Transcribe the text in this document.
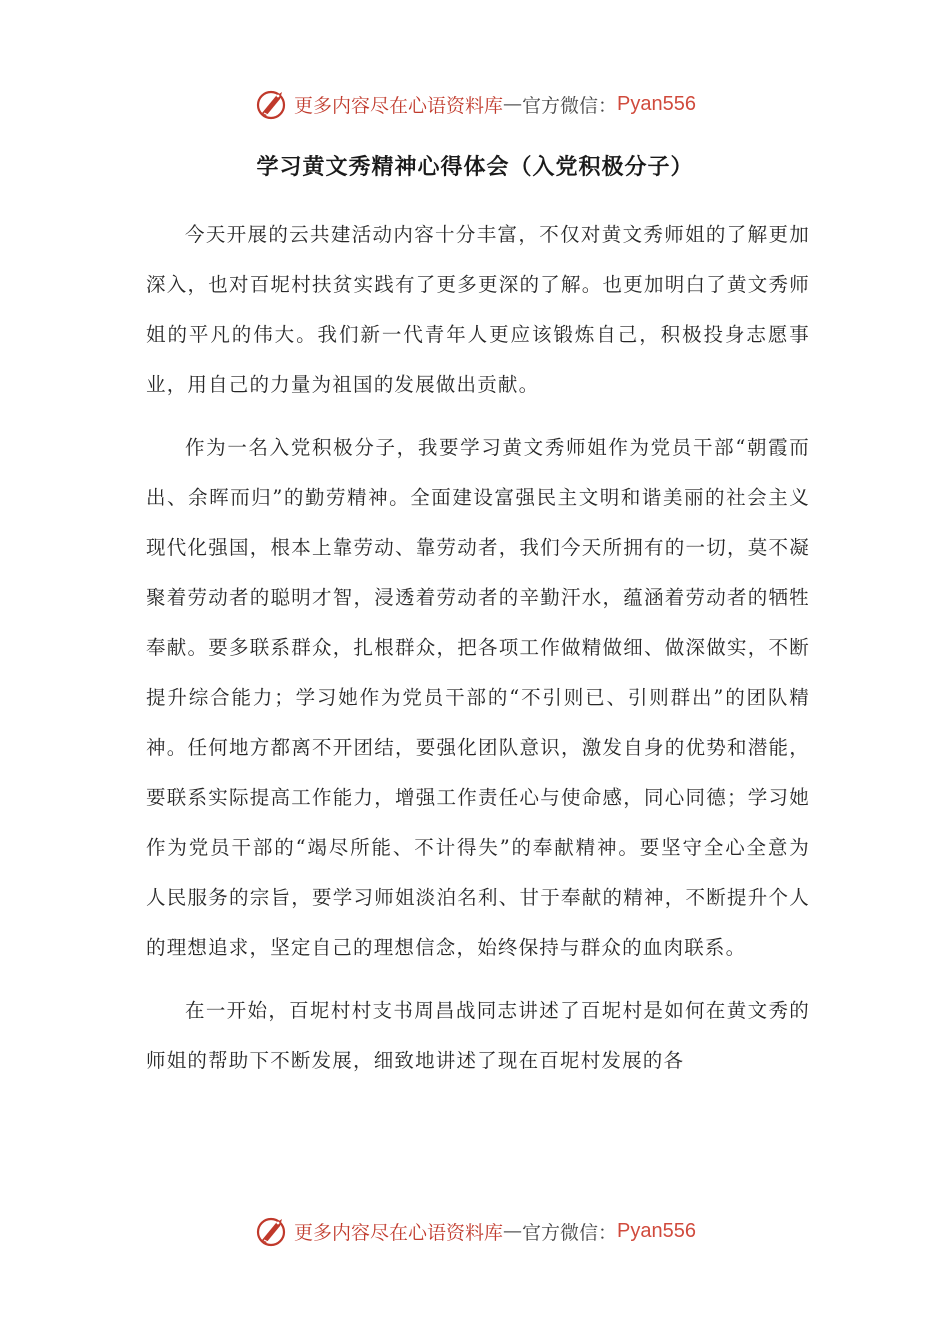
更多内容尽在心语资料库 — 官方微信： Pyan556
学习黄文秀精神心得体会（入党积极分子）

今天开展的云共建活动内容十分丰富，不仅对黄文秀师姐的了解更加深入，也对百坭村扶贫实践有了更多更深的了解。也更加明白了黄文秀师姐的平凡的伟大。我们新一代青年人更应该锻炼自己，积极投身志愿事业，用自己的力量为祖国的发展做出贡献。

作为一名入党积极分子，我要学习黄文秀师姐作为党员干部“朝霞而出、余晖而归”的勤劳精神。全面建设富强民主文明和谐美丽的社会主义现代化强国，根本上靠劳动、靠劳动者，我们今天所拥有的一切，莫不凝聚着劳动者的聪明才智，浸透着劳动者的辛勤汗水，蕴涵着劳动者的牺牲奉献。要多联系群众，扎根群众，把各项工作做精做细、做深做实，不断提升综合能力；学习她作为党员干部的“不引则已、引则群出”的团队精神。任何地方都离不开团结，要强化团队意识，激发自身的优势和潜能，要联系实际提高工作能力，增强工作责任心与使命感，同心同德；学习她作为党员干部的“竭尽所能、不计得失”的奉献精神。要坚守全心全意为人民服务的宗旨，要学习师姐淡泊名利、甘于奉献的精神，不断提升个人的理想追求，坚定自己的理想信念，始终保持与群众的血肉联系。

在一开始，百坭村村支书周昌战同志讲述了百坭村是如何在黄文秀的师姐的帮助下不断发展，细致地讲述了现在百坭村发展的各

更多内容尽在心语资料库 — 官方微信： Pyan556
